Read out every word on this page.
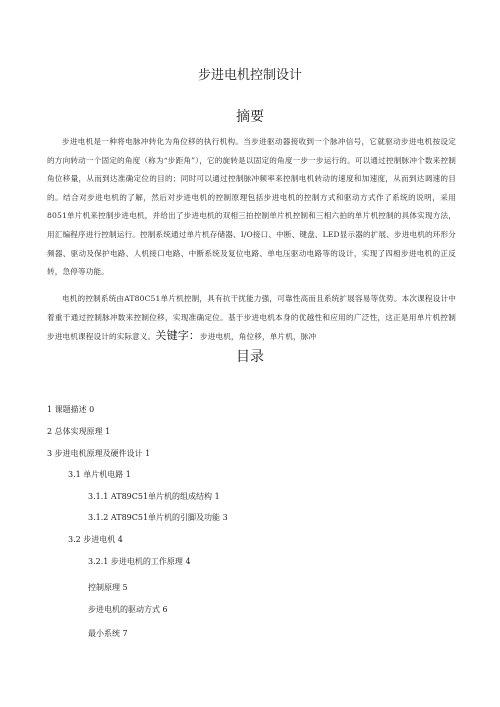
步进电机控制设计
摘要

步进电机是一种将电脉冲转化为角位移的执行机构。当步进驱动器接收到一个脉冲信号，它就驱动步进电机按设定的方向转动一个固定的角度（称为“步距角”），它的旋转是以固定的角度一步一步运行的。可以通过控制脉冲个数来控制角位移量，从而到达准确定位的目的；同时可以通过控制脉冲频率来控制电机转动的速度和加速度，从而到达调速的目的。结合对步进电机的了解，然后对步进电机的控制原理包括步进电机的控制方式和驱动方式作了系统的说明，采用8051单片机来控制步进电机，并给出了步进电机的双相三拍控制单片机控制和三相六拍的单片机控制的具体实现方法，用汇编程序进行控制运行。控制系统通过单片机存储器、I/O接口、中断、键盘、LED显示器的扩展、步进电机的环形分频器、驱动及保护电路、人机接口电路、中断系统及复位电路、单电压驱动电路等的设计，实现了四相步进电机的正反转，急停等功能。

电机的控制系统由AT80C51单片机控制，具有抗干扰能力强，可靠性高而且系统扩展容易等优势。本次课程设计中着重于通过控制脉冲数来控制位移，实现准确定位。基于步进电机本身的优越性和应用的广泛性，这正是用单片机控制步进电机课程设计的实际意义。关键字：步进电机，角位移，单片机，脉冲

目录
1 课题描述 0
2 总体实现原理 1
3 步进电机原理及硬件设计 1
3.1 单片机电路 1
3.1.1 AT89C51单片机的组成结构 1
3.1.2 AT89C51单片机的引脚及功能 3
3.2 步进电机 4
3.2.1 步进电机的工作原理 4
控制原理 5
步进电机的驱动方式 6
最小系统 7
